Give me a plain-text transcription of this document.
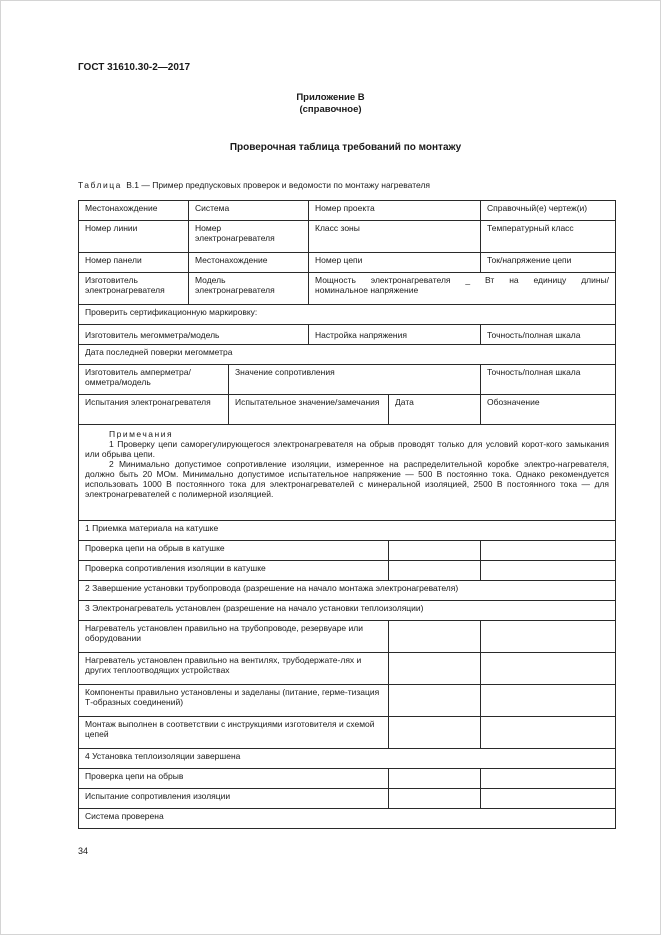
ГОСТ 31610.30-2—2017
Приложение В
(справочное)
Проверочная таблица требований по монтажу
Таблица В.1 — Пример предпусковых проверок и ведомости по монтажу нагревателя
Местонахождение	Система		Номер проекта		Справочный(е) чертеж(и)
Номер линии	Номер электронагревателя		Класс зоны		Температурный класс
Номер панели	Местонахождение		Номер цепи		Ток/напряжение цепи
Изготовитель электронагревателя	Модель электронагревателя		Мощность электронагревателя _ Вт на единицу длины/
номинальное напряжение		

Проверить сертификационную маркировку:					
Изготовитель мегомметра/модель			Настройка напряжения		Точность/полная шкала
Дата последней поверки мегомметра					
Изготовитель амперметра/омметра/модель		Значение сопротивления			Точность/полная шкала
Испытания электронагревателя		Испытательное значение/замечания		Дата	Обозначение

Примечания

1 Проверку цепи саморегулирующегося электронагревателя на обрыв проводят только для условий корот-кого замыкания или обрыва цепи.

2 Минимально допустимое сопротивление изоляции, измеренное на распределительной коробке электро-нагревателя, должно быть 20 МОм. Минимально допустимое испытательное напряжение — 500 В постоянно тока. Однако рекомендуется использовать 1000 В постоянного тока для электронагревателей с минеральной изоляцией, 2500 В постоянного тока — для электронагревателей с полимерной изоляцией.					

1 Приемка материала на катушке					
Проверка цепи на обрыв в катушке					
Проверка сопротивления изоляции в катушке					
2 Завершение установки трубопровода (разрешение на начало монтажа электронагревателя)					
3 Электронагреватель установлен (разрешение на начало установки теплоизоляции)					
Нагреватель установлен правильно на трубопроводе, резервуаре или оборудовании					
Нагреватель установлен правильно на вентилях, трубодержате-лях и других теплоотводящих устройствах					
Компоненты правильно установлены и заделаны (питание, герме-тизация Т-образных соединений)					
Монтаж выполнен в соответствии с инструкциями изготовителя и схемой цепей					
4 Установка теплоизоляции завершена					
Проверка цепи на обрыв					
Испытание сопротивления изоляции					
Система проверена					
34
